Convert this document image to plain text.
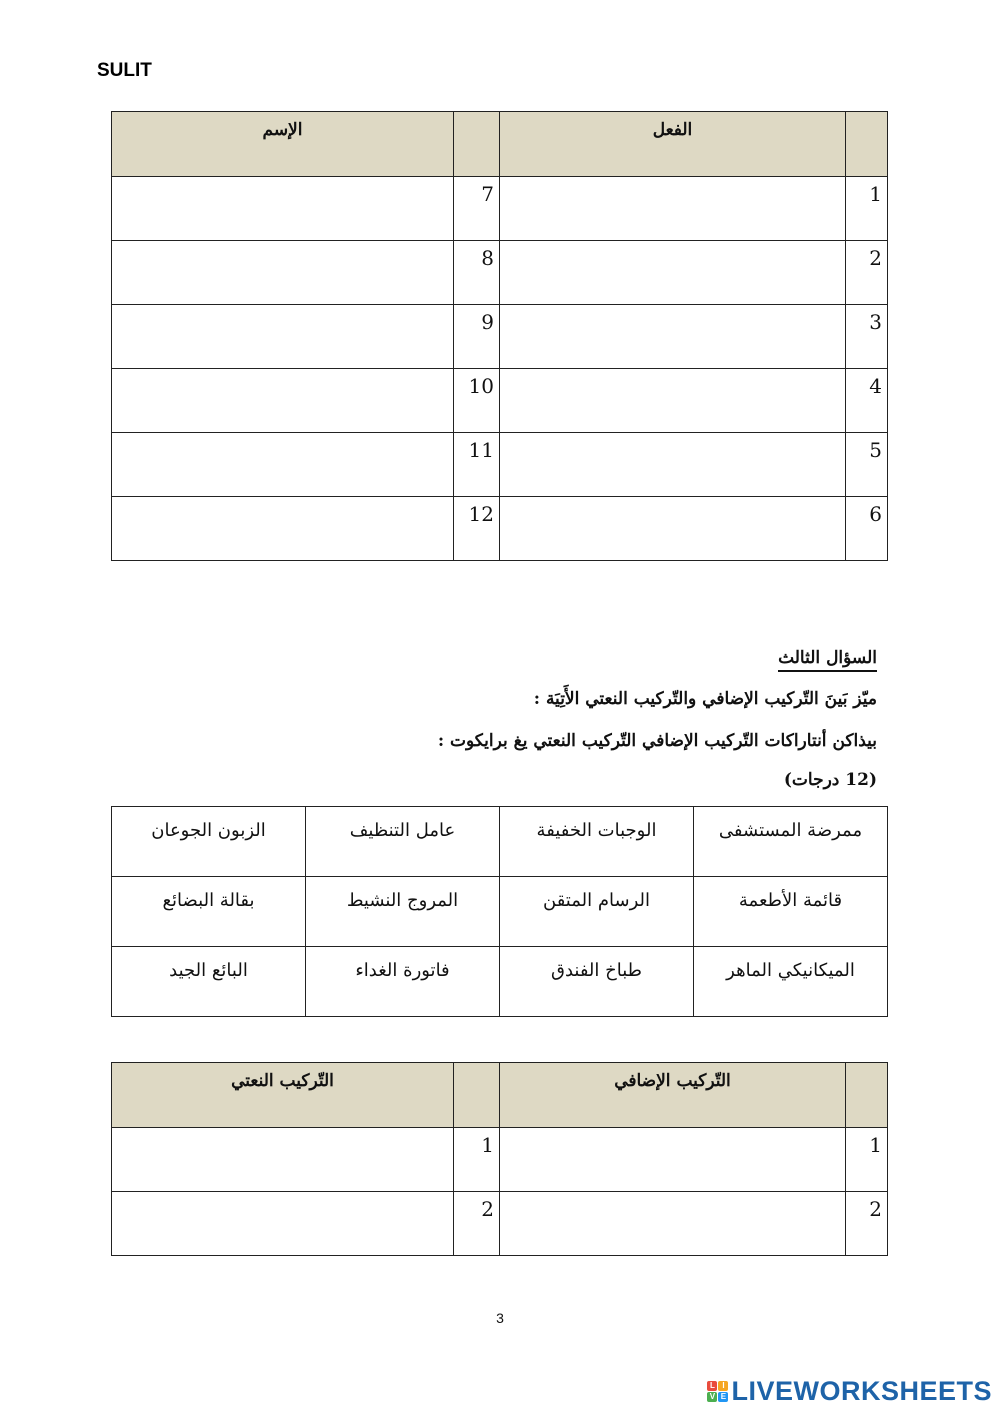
SULIT
	الفعل		الإسم
1		7	
2		8	
3		9	
4		10	
5		11	
6		12	
السؤال الثالث
ميّز بَينَ التّركيب الإضافي والتّركيب النعتي الأَتِيَة :
بيذاكن أنتاراكات التّركيب الإضافي التّركيب النعتي يغ برايكوت :
(12 درجات)
ممرضة المستشفى	الوجبات الخفيفة	عامل التنظيف	الزبون الجوعان
قائمة الأطعمة	الرسام المتقن	المروج النشيط	بقالة البضائع
الميكانيكي الماهر	طباخ الفندق	فاتورة الغداء	البائع الجيد
	التّركيب الإضافي		التّركيب النعتي
1		1	
2		2	
3
L I
V E LIVEWORKSHEETS
